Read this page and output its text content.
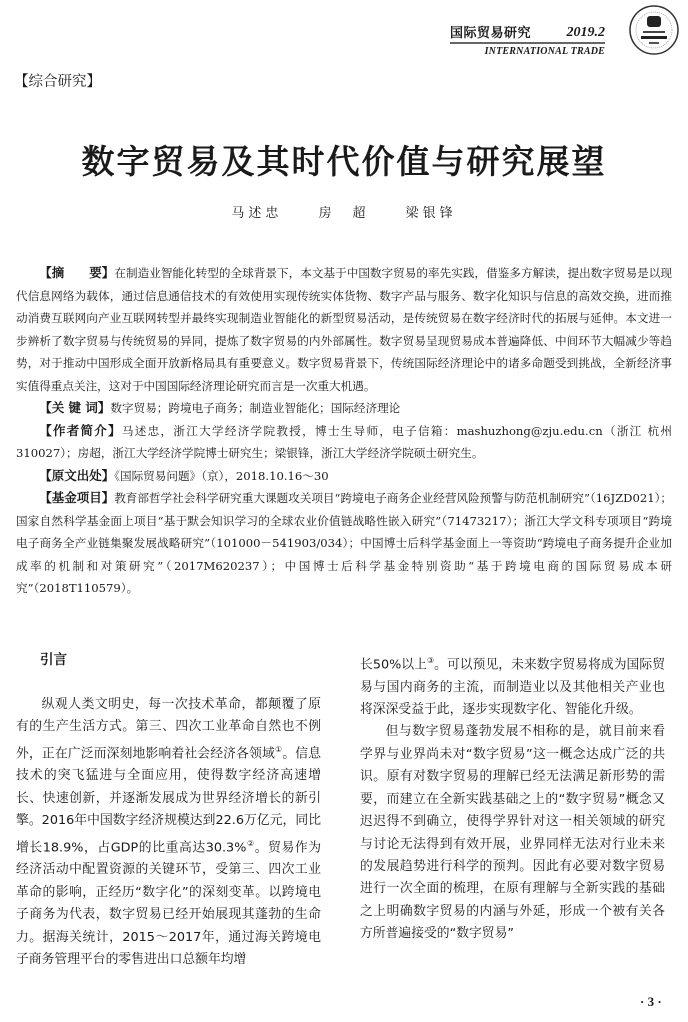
国际贸易研究	2019.2
INTERNATIONAL TRADE
【综合研究】
数字贸易及其时代价值与研究展望
马述忠	房　超	梁银锋

【摘　　要】在制造业智能化转型的全球背景下，本文基于中国数字贸易的率先实践，借鉴多方解读，提出数字贸易是以现代信息网络为载体，通过信息通信技术的有效使用实现传统实体货物、数字产品与服务、数字化知识与信息的高效交换，进而推动消费互联网向产业互联网转型并最终实现制造业智能化的新型贸易活动，是传统贸易在数字经济时代的拓展与延伸。本文进一步辨析了数字贸易与传统贸易的异同，提炼了数字贸易的内外部属性。数字贸易呈现贸易成本普遍降低、中间环节大幅减少等趋势，对于推动中国形成全面开放新格局具有重要意义。数字贸易背景下，传统国际经济理论中的诸多命题受到挑战，全新经济事实值得重点关注，这对于中国国际经济理论研究而言是一次重大机遇。

【关 键 词】数字贸易；跨境电子商务；制造业智能化；国际经济理论

【作者简介】马述忠，浙江大学经济学院教授，博士生导师，电子信箱：mashuzhong@zju.edu.cn（浙江 杭州 310027）；房超，浙江大学经济学院博士研究生；梁银锋，浙江大学经济学院硕士研究生。

【原文出处】《国际贸易问题》（京），2018.10.16～30

【基金项目】教育部哲学社会科学研究重大课题攻关项目“跨境电子商务企业经营风险预警与防范机制研究”（16JZD021）；国家自然科学基金面上项目“基于默会知识学习的全球农业价值链战略性嵌入研究”（71473217）；浙江大学文科专项项目“跨境电子商务全产业链集聚发展战略研究”（101000－541903/034）；中国博士后科学基金面上一等资助“跨境电子商务提升企业加成率的机制和对策研究”（2017M620237）；中国博士后科学基金特别资助“基于跨境电商的国际贸易成本研究”（2018T110579）。

引言

纵观人类文明史，每一次技术革命，都颠覆了原有的生产生活方式。第三、四次工业革命自然也不例外，正在广泛而深刻地影响着社会经济各领域①。信息技术的突飞猛进与全面应用，使得数字经济高速增长、快速创新，并逐渐发展成为世界经济增长的新引擎。2016年中国数字经济规模达到22.6万亿元，同比增长18.9%，占GDP的比重高达30.3%②。贸易作为经济活动中配置资源的关键环节，受第三、四次工业革命的影响，正经历“数字化”的深刻变革。以跨境电子商务为代表，数字贸易已经开始展现其蓬勃的生命力。据海关统计，2015～2017年，通过海关跨境电子商务管理平台的零售进出口总额年均增

长50%以上③。可以预见，未来数字贸易将成为国际贸易与国内商务的主流，而制造业以及其他相关产业也将深深受益于此，逐步实现数字化、智能化升级。

但与数字贸易蓬勃发展不相称的是，就目前来看学界与业界尚未对“数字贸易”这一概念达成广泛的共识。原有对数字贸易的理解已经无法满足新形势的需要，而建立在全新实践基础之上的“数字贸易”概念又迟迟得不到确立，使得学界针对这一相关领域的研究与讨论无法得到有效开展，业界同样无法对行业未来的发展趋势进行科学的预判。因此有必要对数字贸易进行一次全面的梳理，在原有理解与全新实践的基础之上明确数字贸易的内涵与外延，形成一个被有关各方所普遍接受的“数字贸易”

· 3 ·
